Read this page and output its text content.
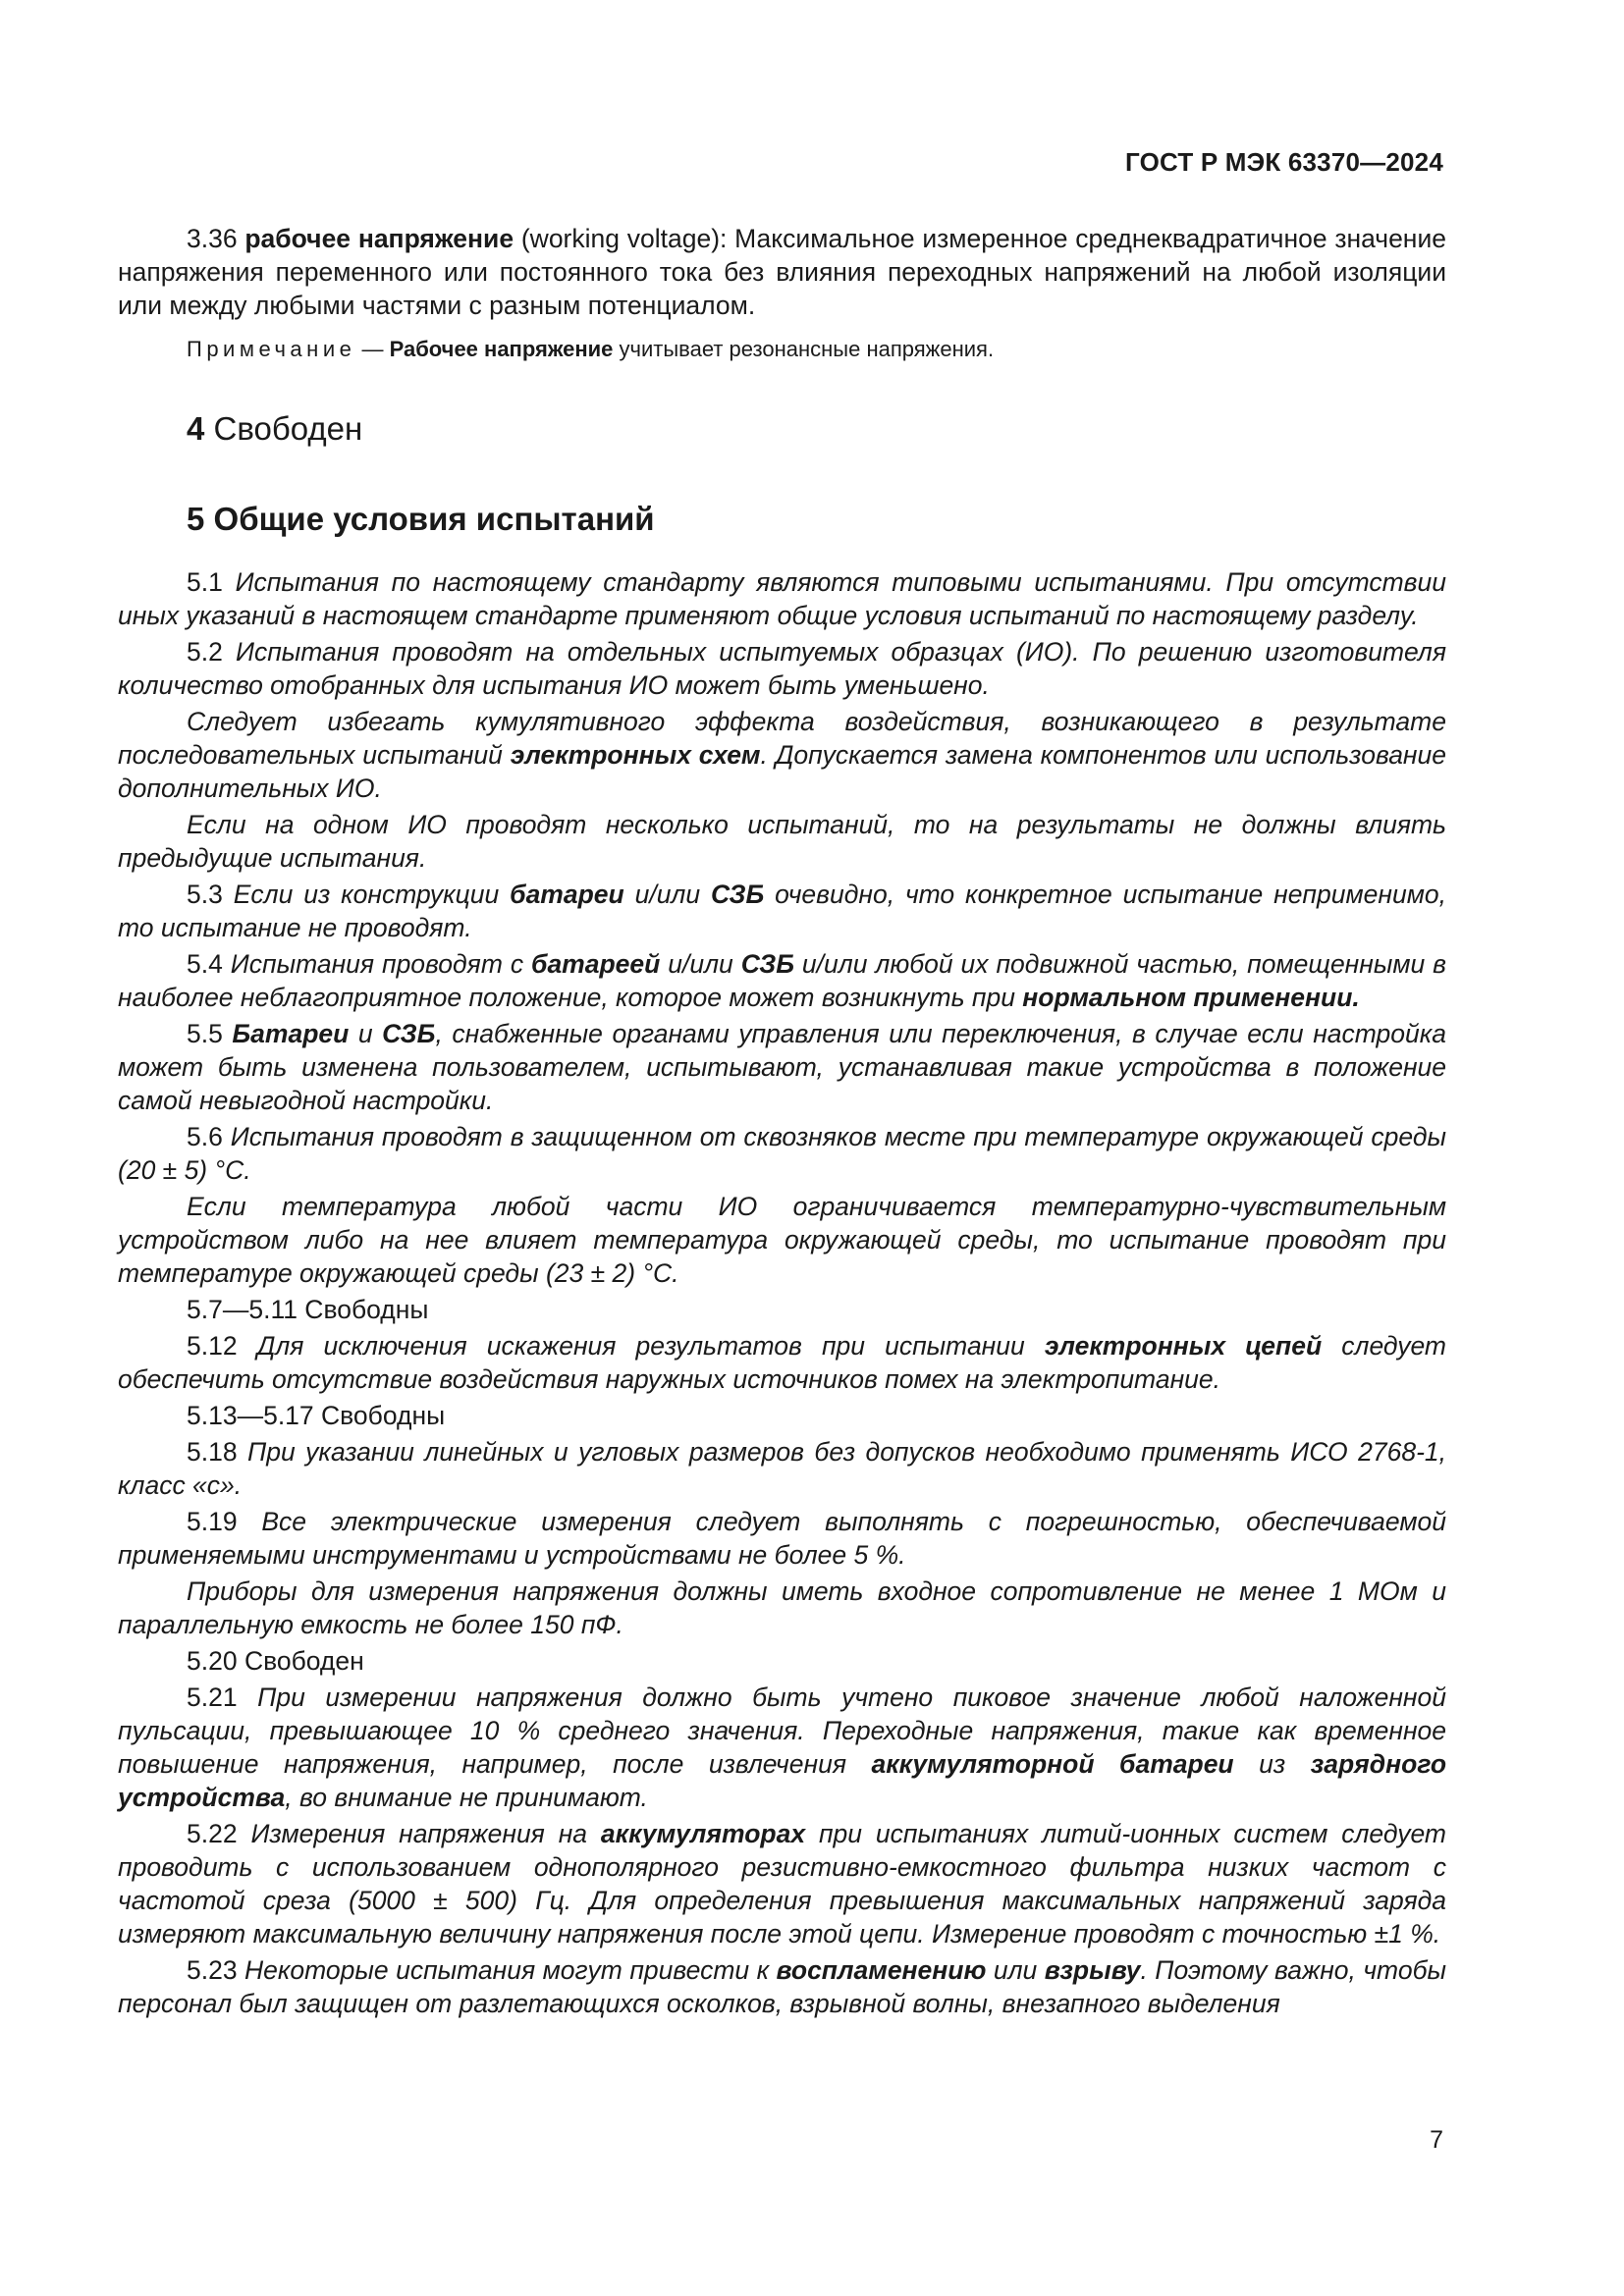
ГОСТ Р МЭК 63370—2024

3.36 рабочее напряжение (working voltage): Максимальное измеренное среднеквадратичное значение напряжения переменного или постоянного тока без влияния переходных напряжений на любой изоляции или между любыми частями с разным потенциалом.

Примечание — Рабочее напряжение учитывает резонансные напряжения.

4 Свободен
5 Общие условия испытаний

5.1 Испытания по настоящему стандарту являются типовыми испытаниями. При отсутствии иных указаний в настоящем стандарте применяют общие условия испытаний по настоящему разделу.

5.2 Испытания проводят на отдельных испытуемых образцах (ИО). По решению изготовителя количество отобранных для испытания ИО может быть уменьшено.

Следует избегать кумулятивного эффекта воздействия, возникающего в результате последовательных испытаний электронных схем. Допускается замена компонентов или использование дополнительных ИО.

Если на одном ИО проводят несколько испытаний, то на результаты не должны влиять предыдущие испытания.

5.3 Если из конструкции батареи и/или СЗБ очевидно, что конкретное испытание неприменимо, то испытание не проводят.

5.4 Испытания проводят с батареей и/или СЗБ и/или любой их подвижной частью, помещенными в наиболее неблагоприятное положение, которое может возникнуть при нормальном применении.

5.5 Батареи и СЗБ, снабженные органами управления или переключения, в случае если настройка может быть изменена пользователем, испытывают, устанавливая такие устройства в положение самой невыгодной настройки.

5.6 Испытания проводят в защищенном от сквозняков месте при температуре окружающей среды (20 ± 5) °С.

Если температура любой части ИО ограничивается температурно-чувствительным устройством либо на нее влияет температура окружающей среды, то испытание проводят при температуре окружающей среды (23 ± 2) °С.

5.7—5.11 Свободны

5.12 Для исключения искажения результатов при испытании электронных цепей следует обеспечить отсутствие воздействия наружных источников помех на электропитание.

5.13—5.17 Свободны

5.18 При указании линейных и угловых размеров без допусков необходимо применять ИСО 2768-1, класс «с».

5.19 Все электрические измерения следует выполнять с погрешностью, обеспечиваемой применяемыми инструментами и устройствами не более 5 %.

Приборы для измерения напряжения должны иметь входное сопротивление не менее 1 МОм и параллельную емкость не более 150 пФ.

5.20 Свободен

5.21 При измерении напряжения должно быть учтено пиковое значение любой наложенной пульсации, превышающее 10 % среднего значения. Переходные напряжения, такие как временное повышение напряжения, например, после извлечения аккумуляторной батареи из зарядного устройства, во внимание не принимают.

5.22 Измерения напряжения на аккумуляторах при испытаниях литий-ионных систем следует проводить с использованием однополярного резистивно-емкостного фильтра низких частот с частотой среза (5000 ± 500) Гц. Для определения превышения максимальных напряжений заряда измеряют максимальную величину напряжения после этой цепи. Измерение проводят с точностью ±1 %.

5.23 Некоторые испытания могут привести к воспламенению или взрыву. Поэтому важно, чтобы персонал был защищен от разлетающихся осколков, взрывной волны, внезапного выделения

7
